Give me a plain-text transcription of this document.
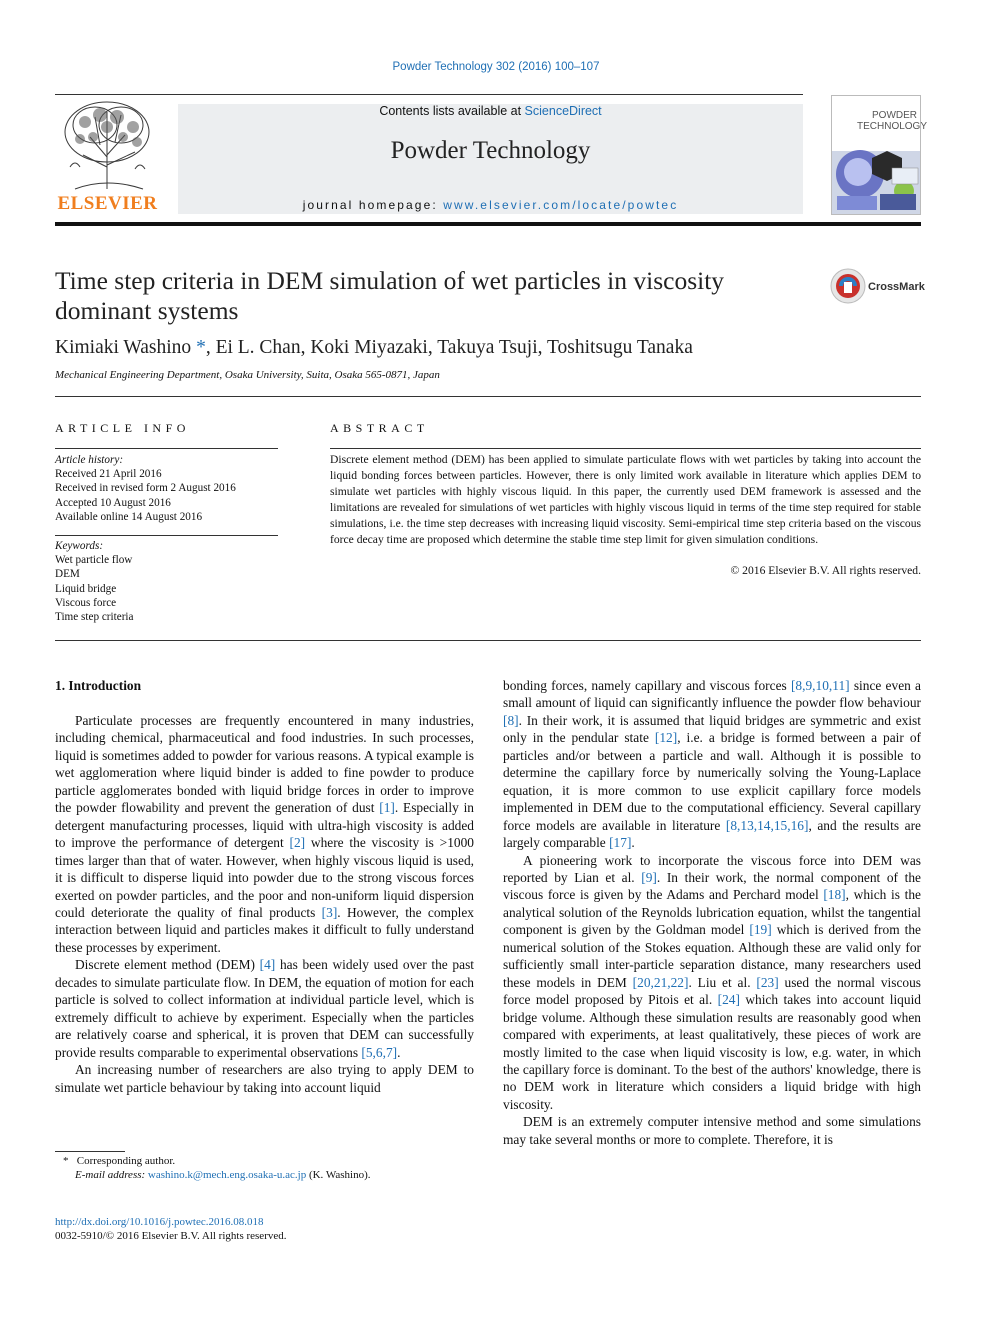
Powder Technology 302 (2016) 100–107
ELSEVIER
Contents lists available at ScienceDirect
Powder Technology
journal homepage: www.elsevier.com/locate/powtec
POWDER TECHNOLOGY
Time step criteria in DEM simulation of wet particles in viscosity dominant systems
CrossMark
Kimiaki Washino *, Ei L. Chan, Koki Miyazaki, Takuya Tsuji, Toshitsugu Tanaka
Mechanical Engineering Department, Osaka University, Suita, Osaka 565-0871, Japan
ARTICLE INFO
Article history:
Received 21 April 2016
Received in revised form 2 August 2016
Accepted 10 August 2016
Available online 14 August 2016
Keywords:
Wet particle flow
DEM
Liquid bridge
Viscous force
Time step criteria
ABSTRACT
Discrete element method (DEM) has been applied to simulate particulate flows with wet particles by taking into account the liquid bonding forces between particles. However, there is only limited work available in literature which applies DEM to simulate wet particles with highly viscous liquid. In this paper, the currently used DEM framework is assessed and the limitations are revealed for simulations of wet particles with highly viscous liquid in terms of the time step required for stable simulations, i.e. the time step decreases with increasing liquid viscosity. Semi-empirical time step criteria based on the viscous force decay time are proposed which determine the stable time step limit for given simulation conditions.
© 2016 Elsevier B.V. All rights reserved.
1. Introduction

Particulate processes are frequently encountered in many industries, including chemical, pharmaceutical and food industries. In such processes, liquid is sometimes added to powder for various reasons. A typical example is wet agglomeration where liquid binder is added to fine powder to produce particle agglomerates bonded with liquid bridge forces in order to improve the powder flowability and prevent the generation of dust [1]. Especially in detergent manufacturing processes, liquid with ultra-high viscosity is added to improve the performance of detergent [2] where the viscosity is >1000 times larger than that of water. However, when highly viscous liquid is used, it is difficult to disperse liquid into powder due to the strong viscous forces exerted on powder particles, and the poor and non-uniform liquid dispersion could deteriorate the quality of final products [3]. However, the complex interaction between liquid and particles makes it difficult to fully understand these processes by experiment.

Discrete element method (DEM) [4] has been widely used over the past decades to simulate particulate flow. In DEM, the equation of motion for each particle is solved to collect information at individual particle level, which is extremely difficult to achieve by experiment. Especially when the particles are relatively coarse and spherical, it is proven that DEM can successfully provide results comparable to experimental observations [5,6,7].

An increasing number of researchers are also trying to apply DEM to simulate wet particle behaviour by taking into account liquid

bonding forces, namely capillary and viscous forces [8,9,10,11] since even a small amount of liquid can significantly influence the powder flow behaviour [8]. In their work, it is assumed that liquid bridges are symmetric and exist only in the pendular state [12], i.e. a bridge is formed between a pair of particles and/or between a particle and wall. Although it is possible to determine the capillary force by numerically solving the Young-Laplace equation, it is more common to use explicit capillary force models implemented in DEM due to the computational efficiency. Several capillary force models are available in literature [8,13,14,15,16], and the results are largely comparable [17].

A pioneering work to incorporate the viscous force into DEM was reported by Lian et al. [9]. In their work, the normal component of the viscous force is given by the Adams and Perchard model [18], which is the analytical solution of the Reynolds lubrication equation, whilst the tangential component is given by the Goldman model [19] which is derived from the numerical solution of the Stokes equation. Although these are valid only for sufficiently small inter-particle separation distance, many researchers used these models in DEM [20,21,22]. Liu et al. [23] used the normal viscous force model proposed by Pitois et al. [24] which takes into account liquid bridge volume. Although these simulation results are reasonably good when compared with experiments, at least qualitatively, these pieces of work are mostly limited to the case when liquid viscosity is low, e.g. water, in which the capillary force is dominant. To the best of the authors' knowledge, there is no DEM work in literature which considers a liquid bridge with high viscosity.

DEM is an extremely computer intensive method and some simulations may take several months or more to complete. Therefore, it is

* Corresponding author.
E-mail address: washino.k@mech.eng.osaka-u.ac.jp (K. Washino).
http://dx.doi.org/10.1016/j.powtec.2016.08.018
0032-5910/© 2016 Elsevier B.V. All rights reserved.
